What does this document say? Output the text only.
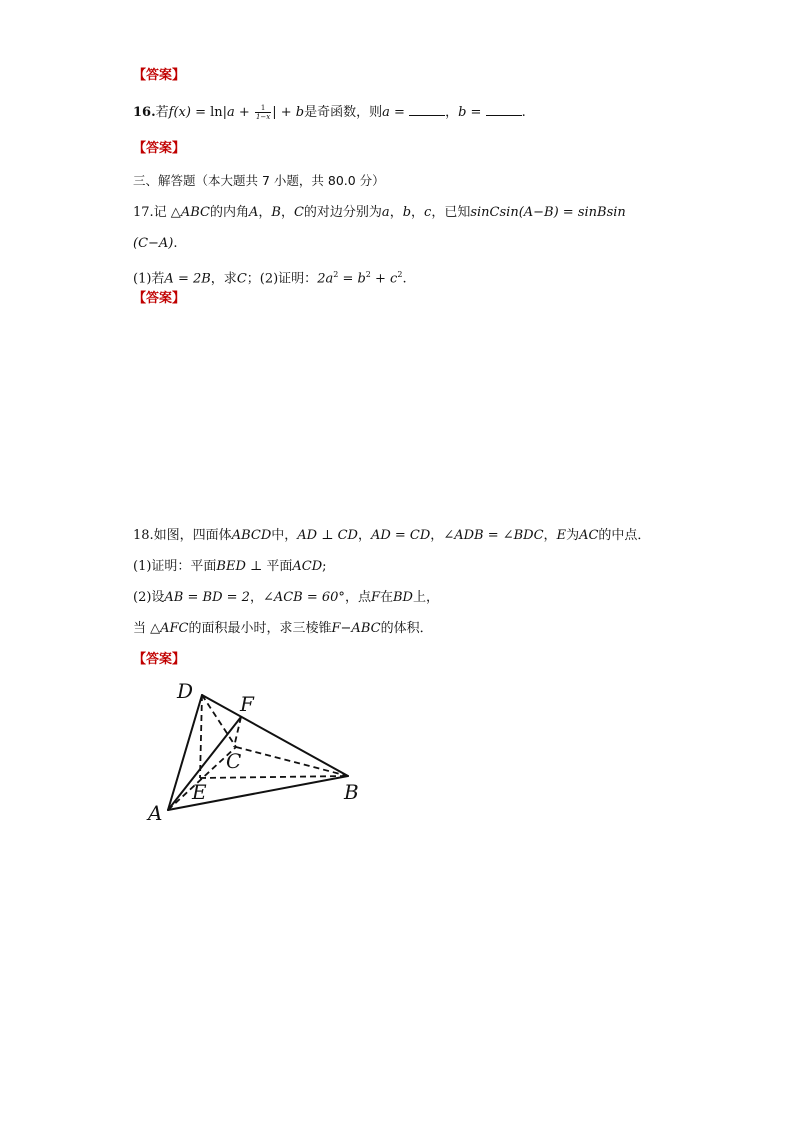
【答案】
16.若$f(x) = \ln|a + \frac{1}{1-x}$ | + b是奇函数，则a =	，b =	.
【答案】
三、解答题（本大题共 7 小题，共 80.0 分）
17.记 △ABC的内角A，B，C的对边分别为a，b，c，已知sinCsin(A−B) = sinBsin
(C−A).
(1)若A = 2B，求C；(2)证明：$2a^2 = b^2 + c^2$.
【答案】
18.如图，四面体ABCD中，AD ⊥ CD，AD = CD，∠ADB = ∠BDC，E为AC的中点．
(1)证明：平面BED ⊥ 平面ACD;
(2)设AB = BD = 2，∠ACB = 60°，点F在BD上，
当 △AFC的面积最小时，求三棱锥F−ABC的体积．
【答案】
D
F
C
E	B
A
